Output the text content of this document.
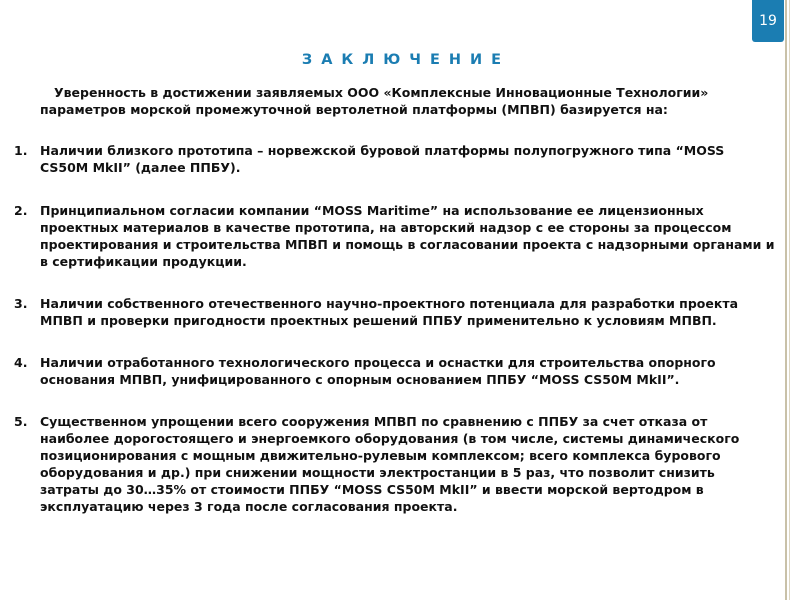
19
ЗАКЛЮЧЕНИЕ

Уверенность в достижении заявляемых ООО «Комплексные Инновационные Технологии» параметров морской промежуточной вертолетной платформы (МПВП) базируется на:

1.	Наличии близкого прототипа – норвежской буровой платформы полупогружного типа “MOSS CS50M MkII” (далее ППБУ).
2.	Принципиальном согласии компании “MOSS Maritime” на использование ее лицензионных проектных материалов в качестве прототипа, на авторский надзор с ее стороны за процессом проектирования и строительства МПВП и помощь в согласовании проекта с надзорными органами и в сертификации продукции.
3.	Наличии собственного отечественного научно-проектного потенциала для разработки проекта МПВП и проверки пригодности проектных решений ППБУ применительно к условиям МПВП.
4.	Наличии отработанного технологического процесса и оснастки для строительства опорного основания МПВП, унифицированного с опорным основанием ППБУ “MOSS CS50M MkII”.
5.	Существенном упрощении всего сооружения МПВП по сравнению с ППБУ за счет отказа от наиболее дорогостоящего и энергоемкого оборудования (в том числе, системы динамического позиционирования с мощным движительно-рулевым комплексом; всего комплекса бурового оборудования и др.) при снижении мощности электростанции в 5 раз, что позволит снизить затраты до 30…35% от стоимости ППБУ “MOSS CS50M MkII” и ввести морской вертодром в эксплуатацию через 3 года после согласования проекта.
